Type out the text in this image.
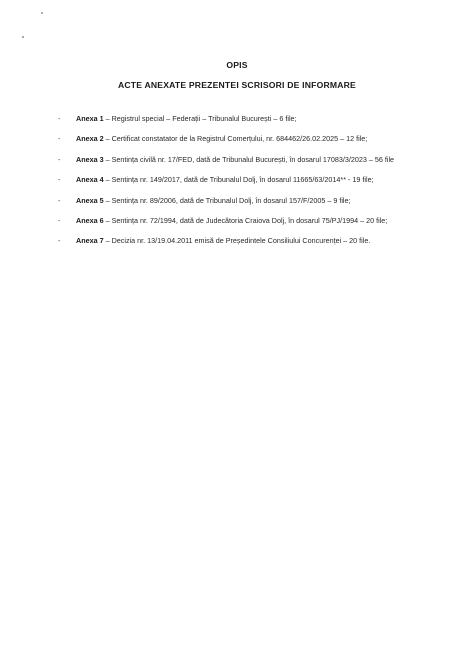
OPIS
ACTE ANEXATE PREZENTEI SCRISORI DE INFORMARE
- Anexa 1 – Registrul special – Federații – Tribunalul București – 6 file;
- Anexa 2 – Certificat constatator de la Registrul Comerțului, nr. 684462/26.02.2025 – 12 file;
- Anexa 3 – Sentința civilă nr. 17/FED, dată de Tribunalul București, în dosarul 17083/3/2023 – 56 file
- Anexa 4 – Sentința nr. 149/2017, dată de Tribunalul Dolj, în dosarul 11665/63/2014** - 19 file;
- Anexa 5 – Sentința nr. 89/2006, dată de Tribunalul Dolj, în dosarul 157/F/2005 – 9 file;
- Anexa 6 – Sentința nr. 72/1994, dată de Judecătoria Craiova Dolj, în dosarul 75/PJ/1994 – 20 file;
- Anexa 7 – Decizia nr. 13/19.04.2011 emisă de Președintele Consiliului Concurenței – 20 file.
